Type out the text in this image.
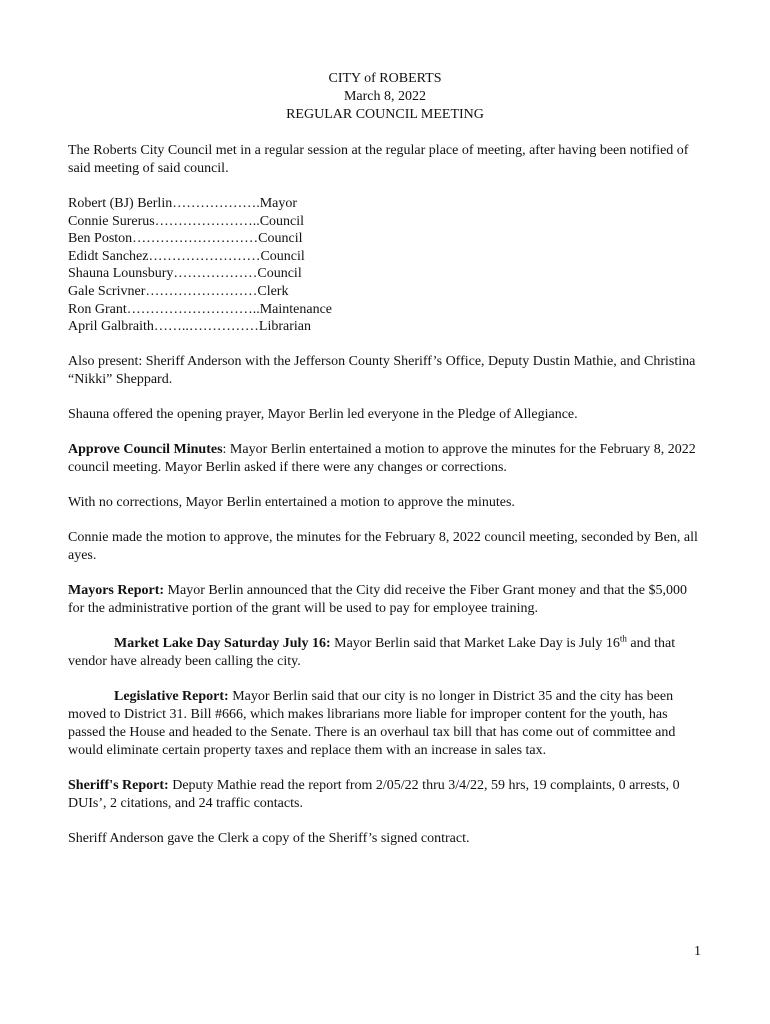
CITY of ROBERTS
March 8, 2022
REGULAR COUNCIL MEETING

The Roberts City Council met in a regular session at the regular place of meeting, after having been notified of said meeting of said council.

Robert (BJ) Berlin……………….Mayor
Connie Surerus…………………..Council
Ben Poston………………………Council
Edidt Sanchez……………………Council
Shauna Lounsbury………………Council
Gale Scrivner……………………Clerk
Ron Grant………………………..Maintenance
April Galbraith……..……………Librarian

Also present: Sheriff Anderson with the Jefferson County Sheriff’s Office, Deputy Dustin Mathie, and Christina “Nikki” Sheppard.

Shauna offered the opening prayer, Mayor Berlin led everyone in the Pledge of Allegiance.

Approve Council Minutes: Mayor Berlin entertained a motion to approve the minutes for the February 8, 2022 council meeting. Mayor Berlin asked if there were any changes or corrections.

With no corrections, Mayor Berlin entertained a motion to approve the minutes.

Connie made the motion to approve, the minutes for the February 8, 2022 council meeting, seconded by Ben, all ayes.

Mayors Report: Mayor Berlin announced that the City did receive the Fiber Grant money and that the $5,000 for the administrative portion of the grant will be used to pay for employee training.

Market Lake Day Saturday July 16: Mayor Berlin said that Market Lake Day is July 16th and that vendor have already been calling the city.

Legislative Report: Mayor Berlin said that our city is no longer in District 35 and the city has been moved to District 31. Bill #666, which makes librarians more liable for improper content for the youth, has passed the House and headed to the Senate. There is an overhaul tax bill that has come out of committee and would eliminate certain property taxes and replace them with an increase in sales tax.

Sheriff's Report: Deputy Mathie read the report from 2/05/22 thru 3/4/22, 59 hrs, 19 complaints, 0 arrests, 0 DUIs’, 2 citations, and 24 traffic contacts.

Sheriff Anderson gave the Clerk a copy of the Sheriff’s signed contract.

1
